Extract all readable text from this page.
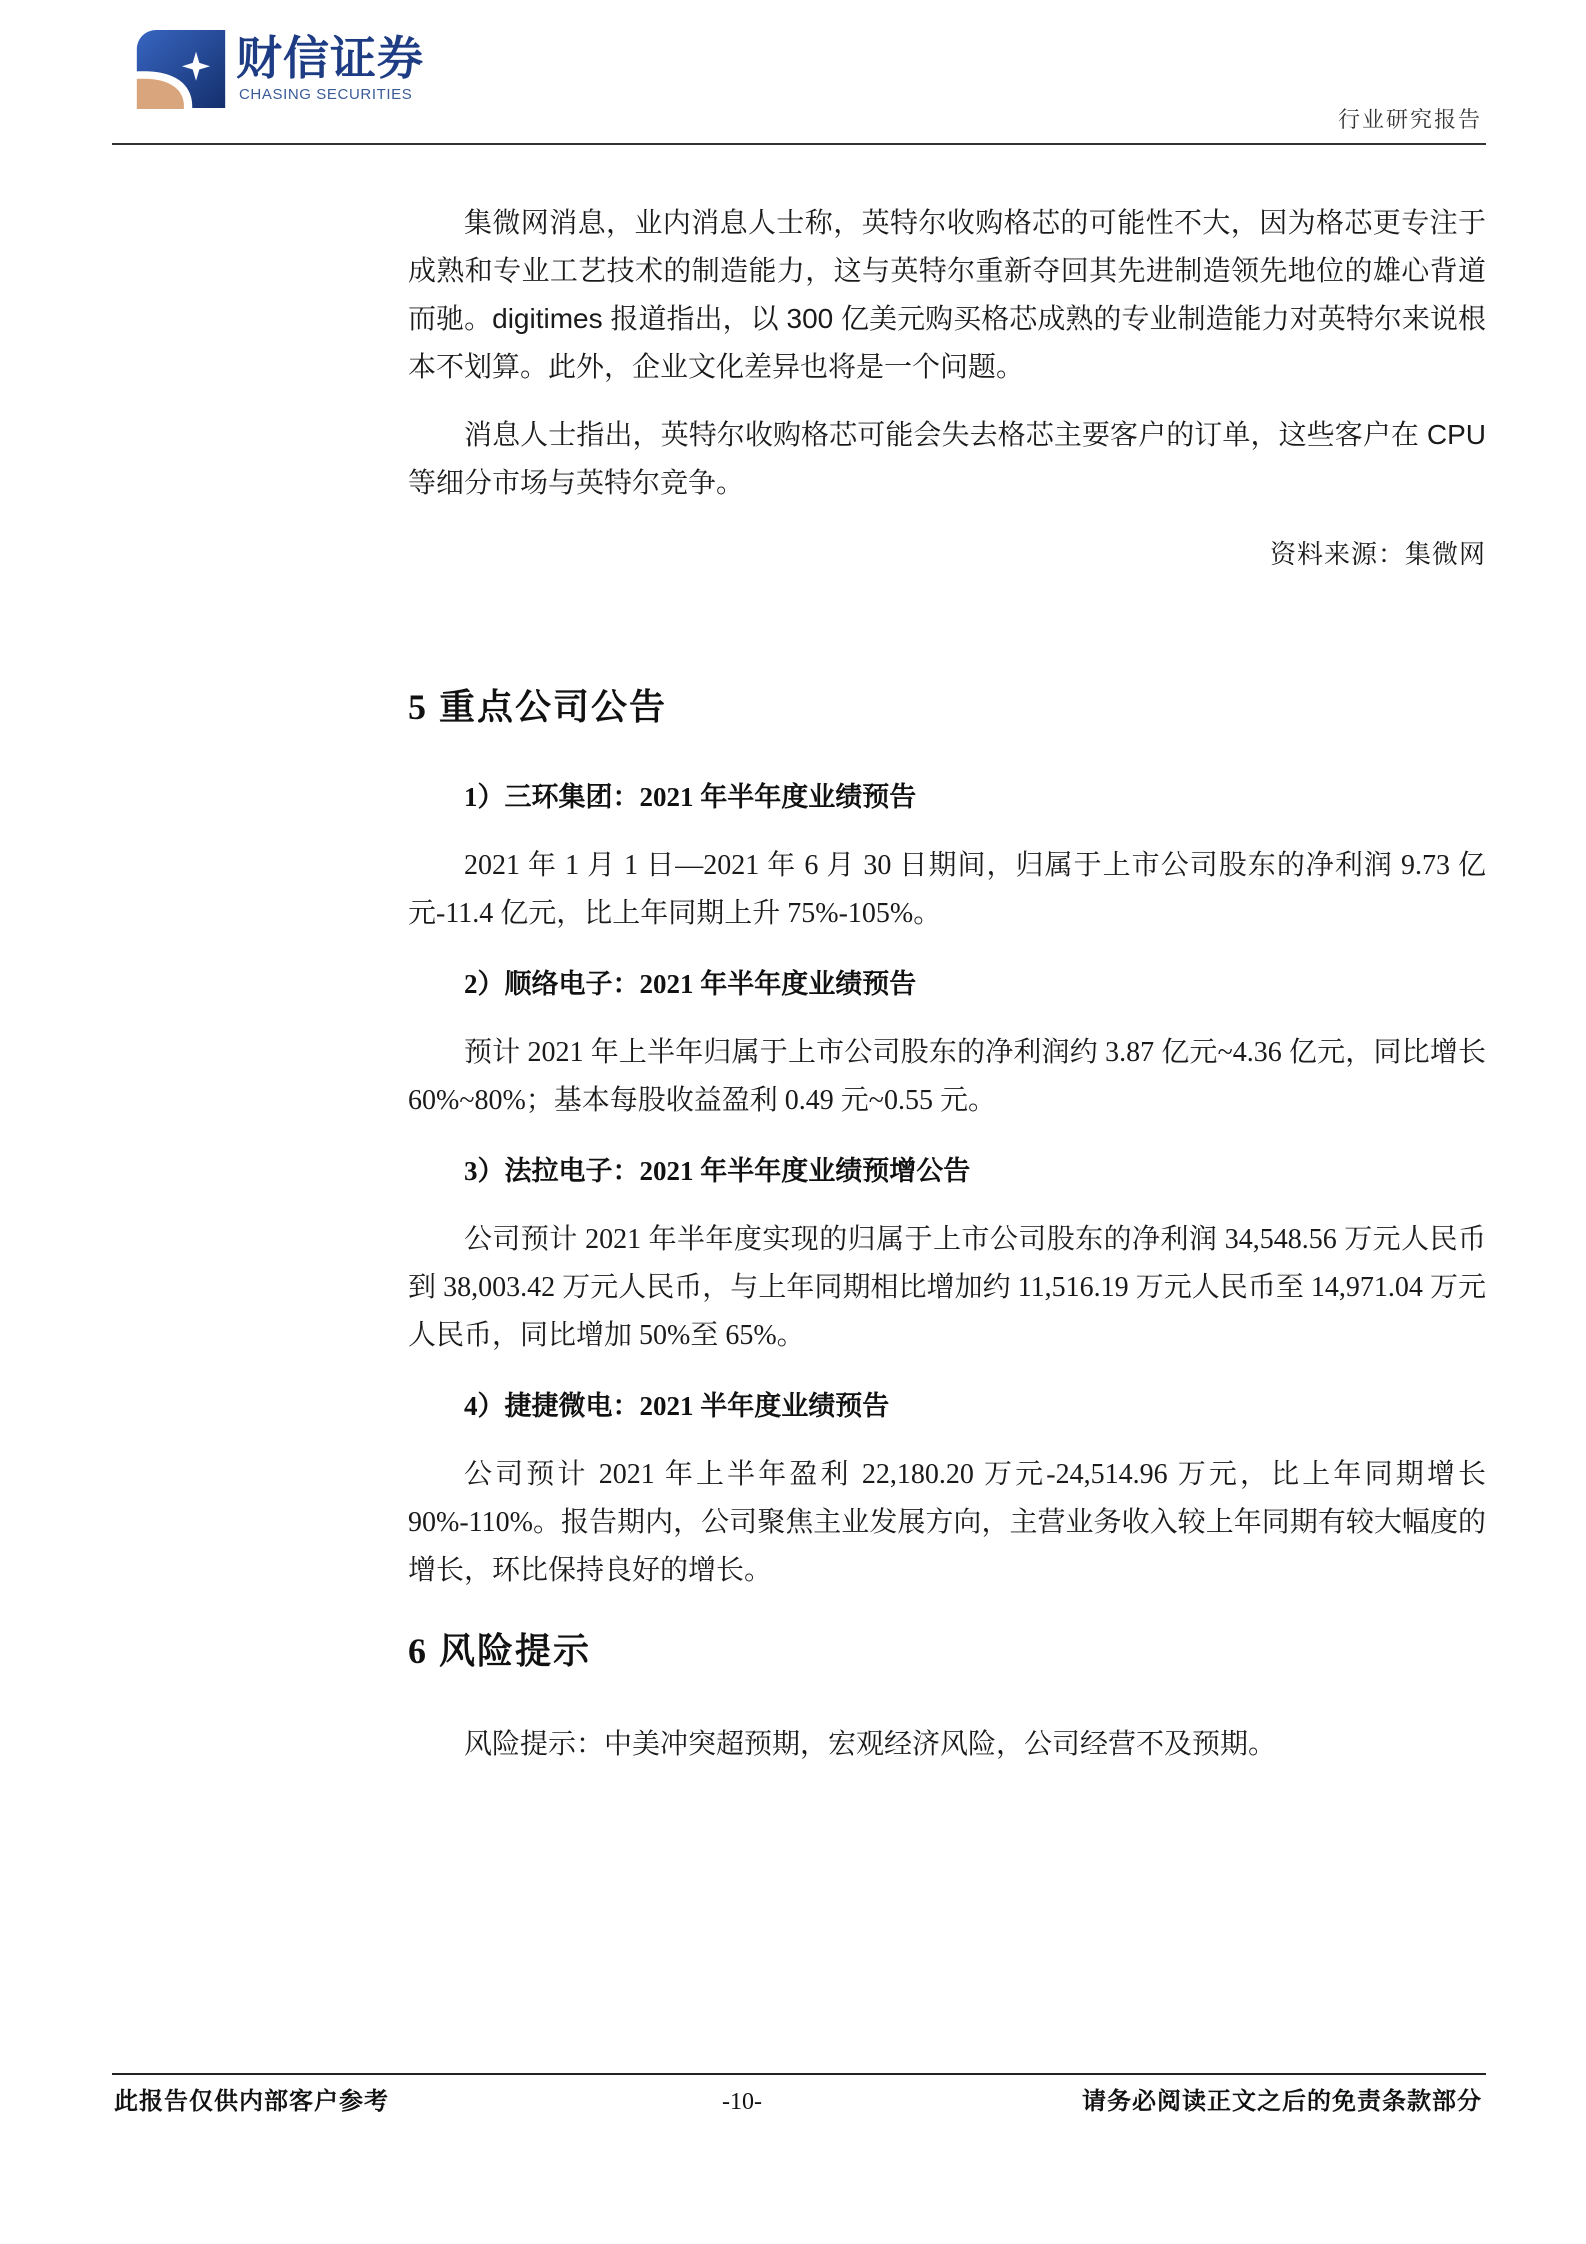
财信证券
CHASING SECURITIES
行业研究报告

集微网消息，业内消息人士称，英特尔收购格芯的可能性不大，因为格芯更专注于成熟和专业工艺技术的制造能力，这与英特尔重新夺回其先进制造领先地位的雄心背道而驰。digitimes 报道指出，以 300 亿美元购买格芯成熟的专业制造能力对英特尔来说根本不划算。此外，企业文化差异也将是一个问题。

消息人士指出，英特尔收购格芯可能会失去格芯主要客户的订单，这些客户在 CPU 等细分市场与英特尔竞争。

资料来源：集微网

5 重点公司公告
1）三环集团：2021 年半年度业绩预告

2021 年 1 月 1 日—2021 年 6 月 30 日期间，归属于上市公司股东的净利润 9.73 亿元-11.4 亿元，比上年同期上升 75%-105%。

2）顺络电子：2021 年半年度业绩预告

预计 2021 年上半年归属于上市公司股东的净利润约 3.87 亿元~4.36 亿元，同比增长 60%~80%；基本每股收益盈利 0.49 元~0.55 元。

3）法拉电子：2021 年半年度业绩预增公告

公司预计 2021 年半年度实现的归属于上市公司股东的净利润 34,548.56 万元人民币到 38,003.42 万元人民币，与上年同期相比增加约 11,516.19 万元人民币至 14,971.04 万元人民币，同比增加 50%至 65%。

4）捷捷微电：2021 半年度业绩预告

公司预计 2021 年上半年盈利 22,180.20 万元-24,514.96 万元，比上年同期增长 90%-110%。报告期内，公司聚焦主业发展方向，主营业务收入较上年同期有较大幅度的增长，环比保持良好的增长。

6 风险提示

风险提示：中美冲突超预期，宏观经济风险，公司经营不及预期。

此报告仅供内部客户参考	-10-	请务必阅读正文之后的免责条款部分
